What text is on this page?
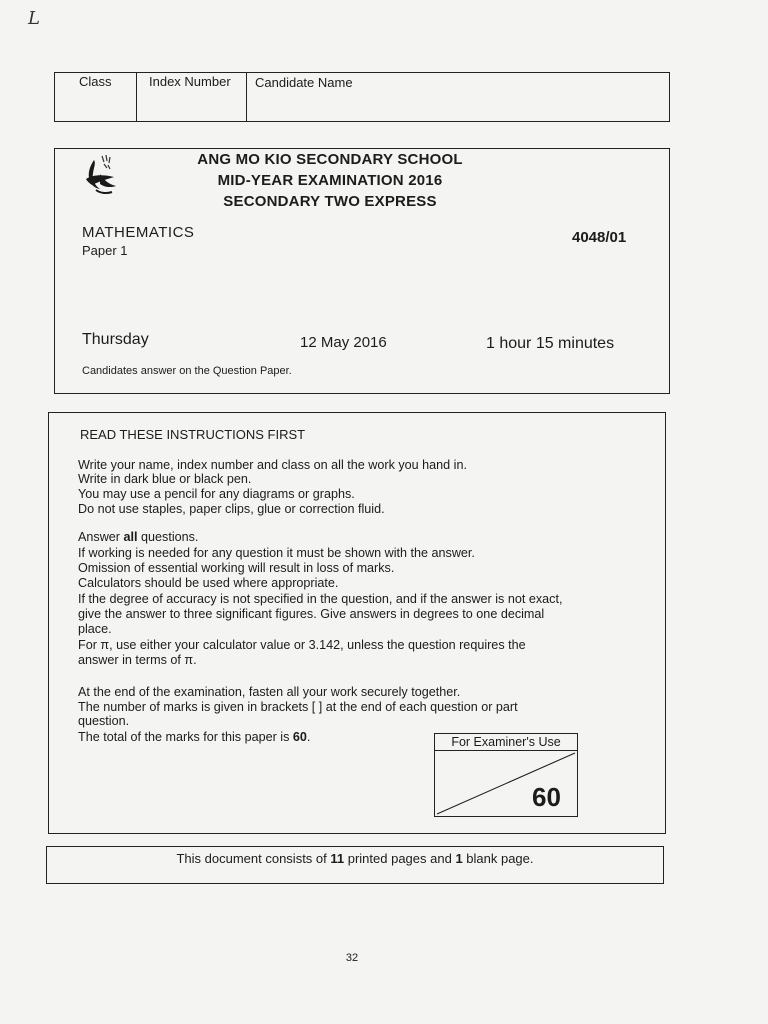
L
Class	Index Number	Candidate Name
ANG MO KIO SECONDARY SCHOOL
MID-YEAR EXAMINATION 2016
SECONDARY TWO EXPRESS
MATHEMATICS
Paper 1
4048/01
Thursday	12 May 2016	1 hour 15 minutes
Candidates answer on the Question Paper.
READ THESE INSTRUCTIONS FIRST
Write your name, index number and class on all the work you hand in.
Write in dark blue or black pen.
You may use a pencil for any diagrams or graphs.
Do not use staples, paper clips, glue or correction fluid.
Answer all questions.
If working is needed for any question it must be shown with the answer.
Omission of essential working will result in loss of marks.
Calculators should be used where appropriate.
If the degree of accuracy is not specified in the question, and if the answer is not exact,
give the answer to three significant figures. Give answers in degrees to one decimal
place.
For π, use either your calculator value or 3.142, unless the question requires the
answer in terms of π.
At the end of the examination, fasten all your work securely together.
The number of marks is given in brackets [ ] at the end of each question or part
question.
The total of the marks for this paper is 60.	For Examiner's Use
60
This document consists of 11 printed pages and 1 blank page.
32
